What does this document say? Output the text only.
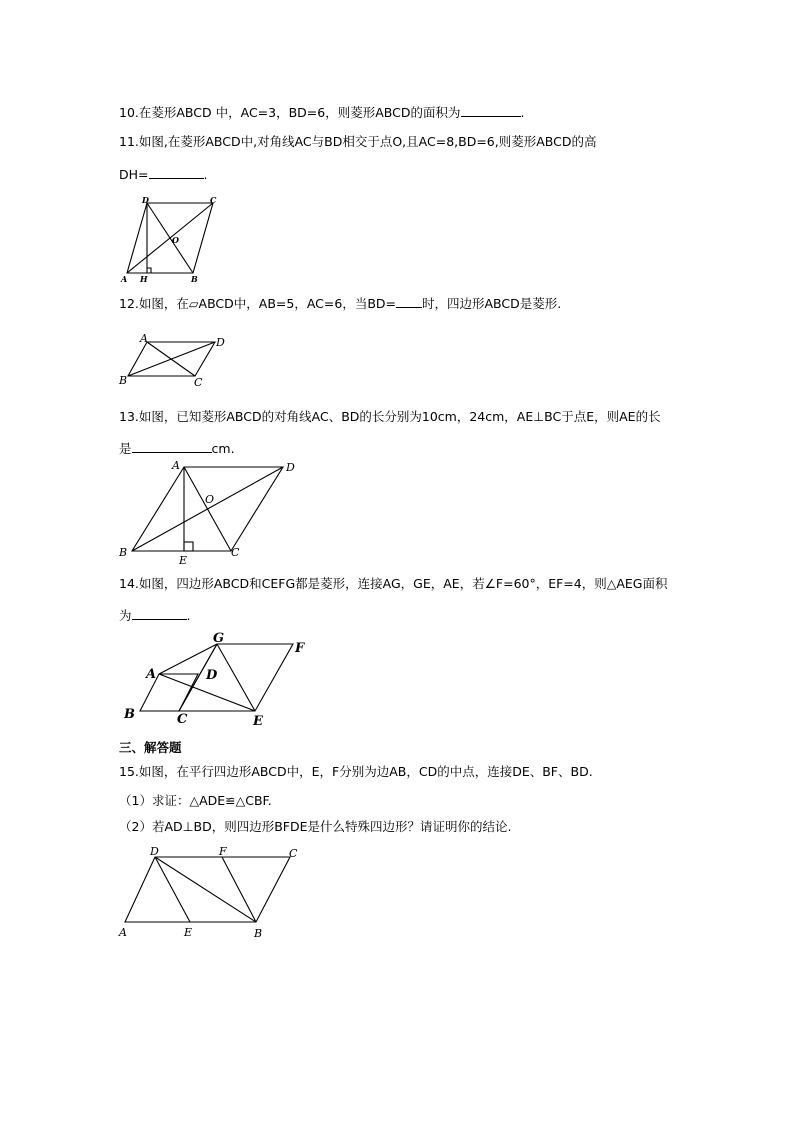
10.在菱形ABCD 中，AC=3，BD=6，则菱形ABCD的面积为	.
11.如图,在菱形ABCD中,对角线AC与BD相交于点O,且AC=8,BD=6,则菱形ABCD的高
DH=	.
D	C
O
A H	B
12.如图，在▱ABCD中，AB=5，AC=6，当BD= 时，四边形ABCD是菱形.
A	D
B	C
13.如图，已知菱形ABCD的对角线AC、BD的长分别为10cm，24cm，AE⊥BC于点E，则AE的长
是	cm.
A	D
O
B
E
C
14.如图，四边形ABCD和CEFG都是菱形，连接AG，GE，AE，若∠F=60°，EF=4，则△AEG面积
为	.
G
F
A	D
B	C	E
三、解答题
15.如图，在平行四边形ABCD中，E，F分别为边AB，CD的中点，连接DE、BF、BD.
（1）求证：△ADE≌△CBF.
（2）若AD⊥BD，则四边形BFDE是什么特殊四边形？请证明你的结论.
D	F	C
A	E	B
